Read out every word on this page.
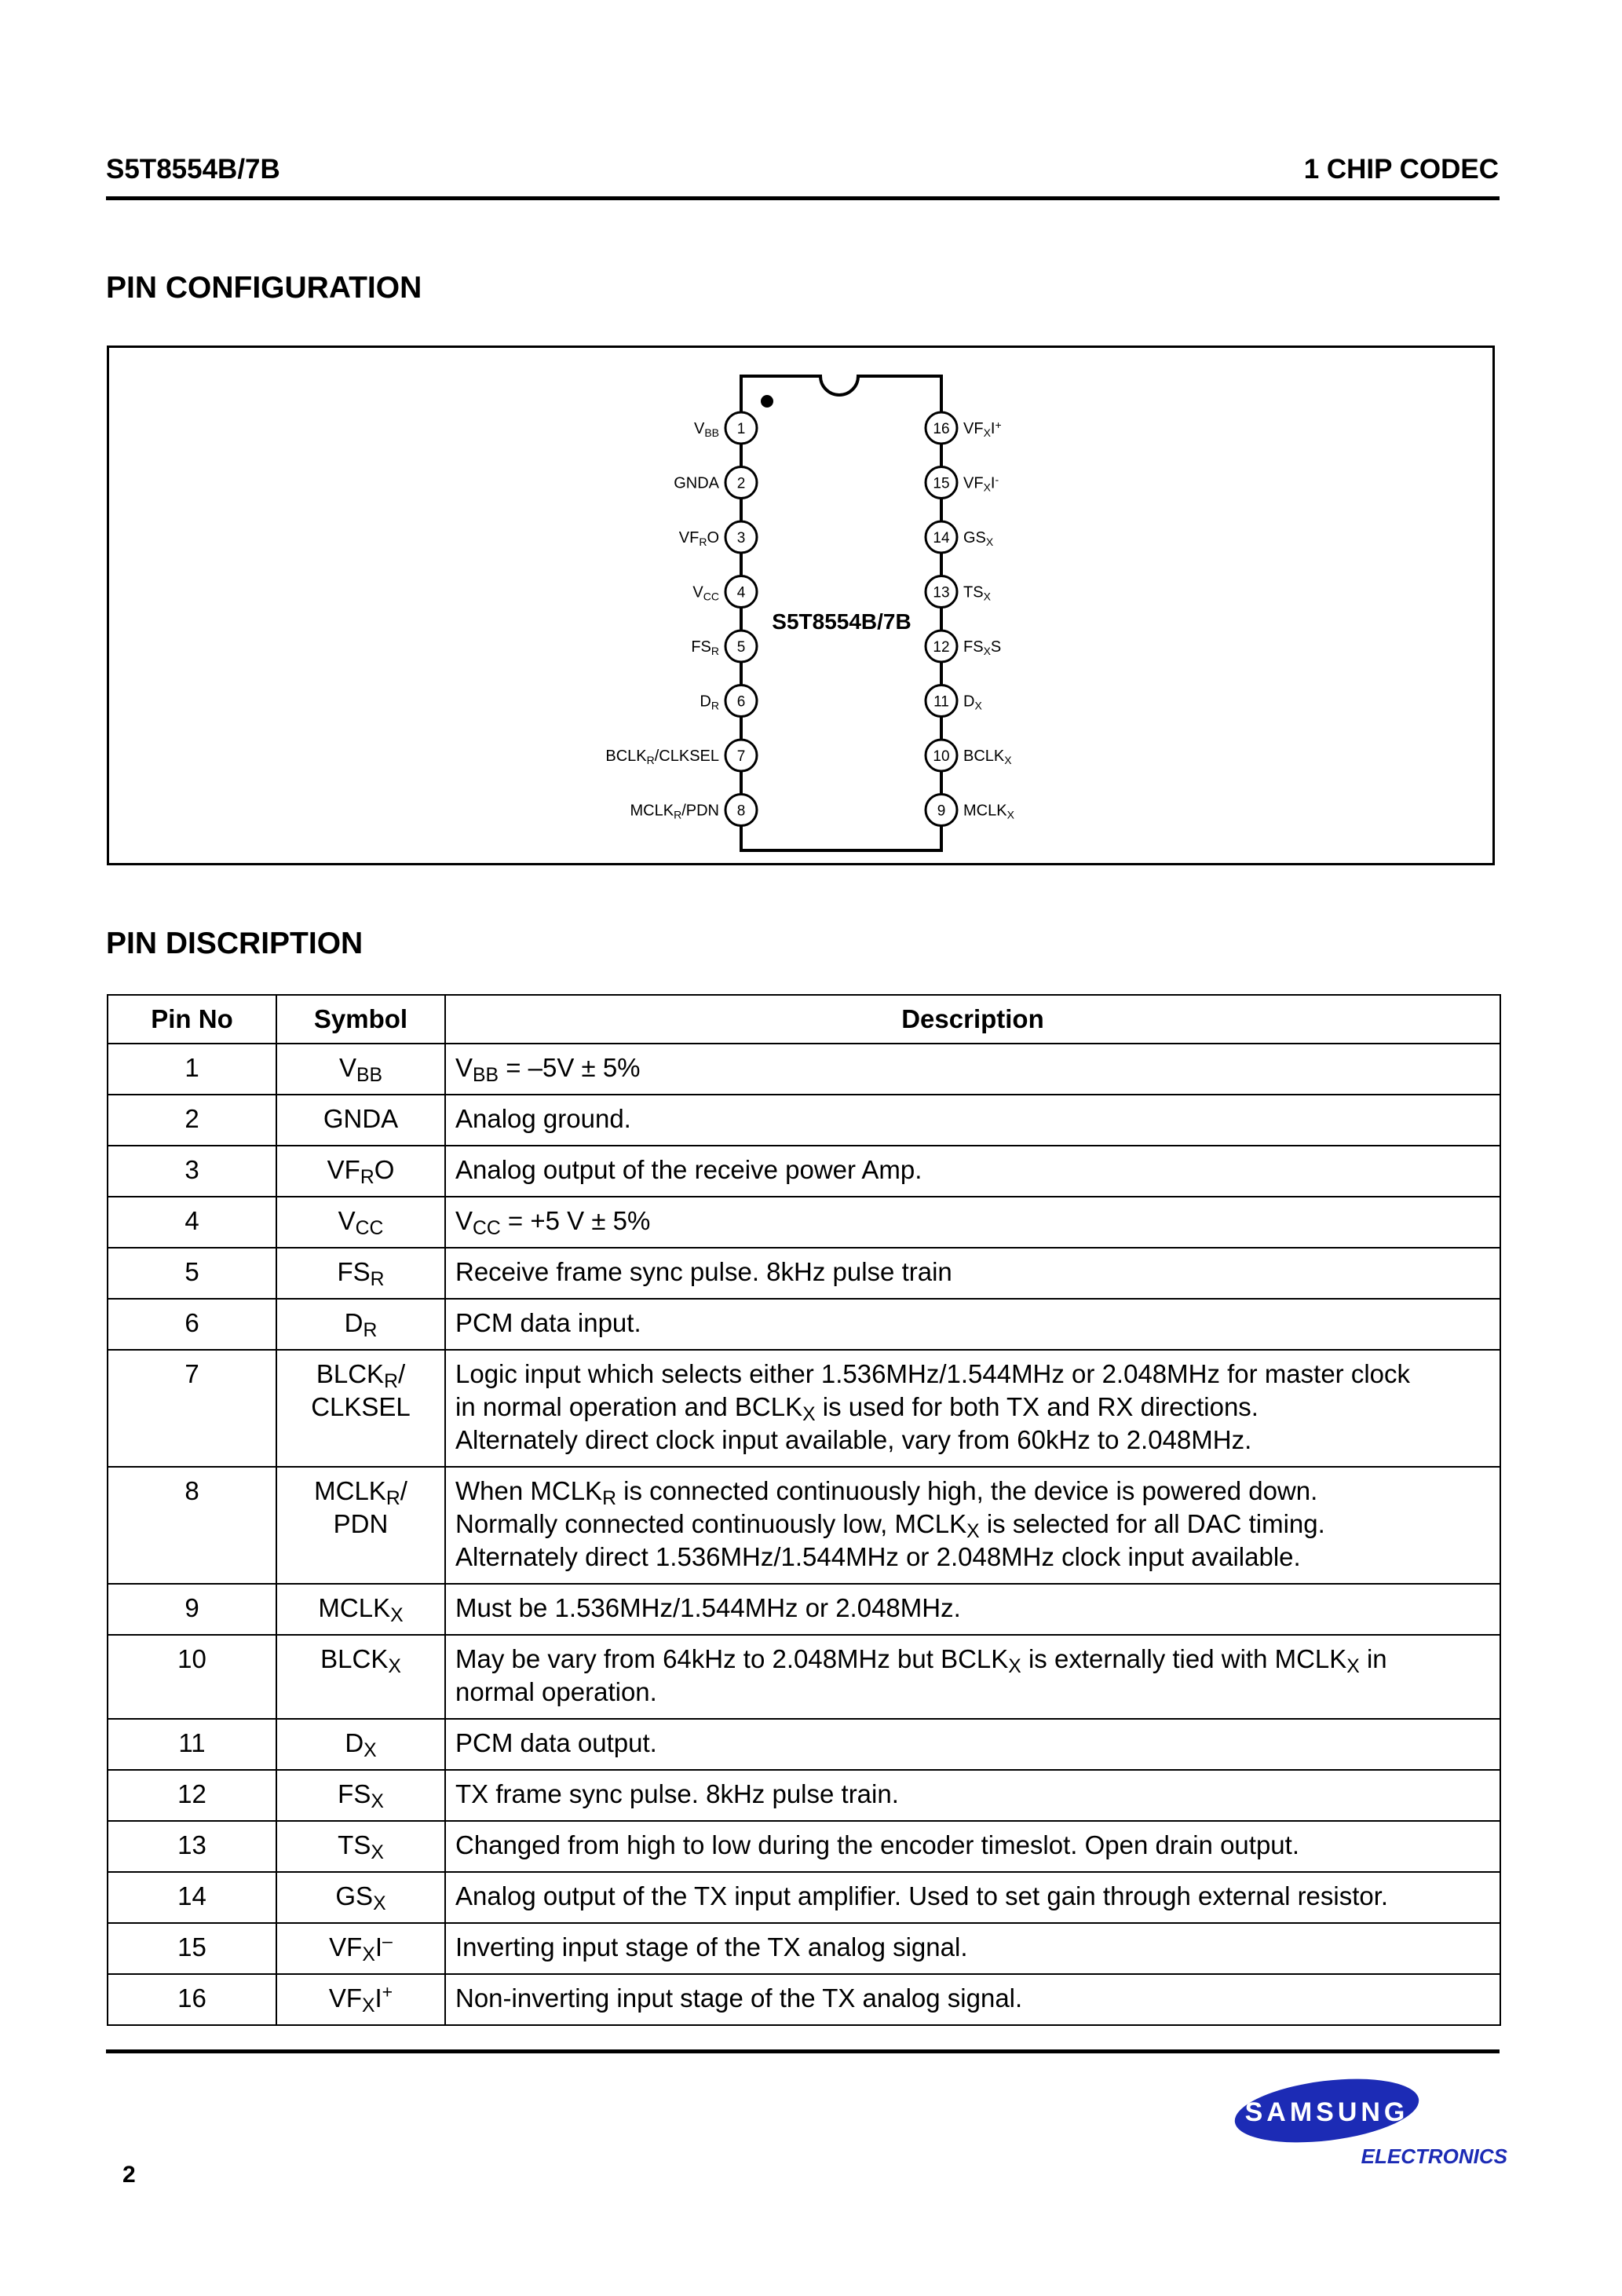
S5T8554B/7B	1 CHIP CODEC
PIN CONFIGURATION
S5T8554B/7B
1
VBB
2
GNDA
3
VFRO
4
VCC
5
FSR
6
DR
7
BCLKR/CLKSEL
8
MCLKR/PDN
16 VFXI+
15 VFXI-
14 GSX
13 TSX
12 FSXS
11 DX
10 BCLKX
9 MCLKX
PIN DISCRIPTION
Pin No	Symbol	Description
1	$V_{BB}$	$V_{BB} = -5V \pm 5\%$

2	GNDA	Analog ground.

3	$VF_RO$	Analog output of the receive power Amp.

4	$V_{CC}$	$V_{CC} = +5$ V ± 5%

5	$FS_R$	Receive frame sync pulse. 8kHz pulse train

6	$D_R$	PCM data input.

7	$BLCK_R/$
CLKSEL	Logic input which selects either 1.536MHz/1.544MHz or 2.048MHz for master clock
in normal operation and $BCLK_X$ is used for both TX and RX directions.
Alternately direct clock input available, vary from 60kHz to 2.048MHz.

8	$MCLK_R/$
PDN	When $MCLK_R$ is connected continuously high, the device is powered down.
Normally connected continuously low, $MCLK_X$ is selected for all DAC timing.
Alternately direct 1.536MHz/1.544MHz or 2.048MHz clock input available.

9	$MCLK_X$	Must be 1.536MHz/1.544MHz or 2.048MHz.

10	$BLCK_X$	May be vary from 64kHz to 2.048MHz but $BCLK_X$ is externally tied with $MCLK_X$ in
normal operation.

11	$D_X$	PCM data output.

12	$FS_X$	TX frame sync pulse. 8kHz pulse train.

13	$TS_X$	Changed from high to low during the encoder timeslot. Open drain output.

14	$GS_X$	Analog output of the TX input amplifier. Used to set gain through external resistor.

15	$VF_XI^-$	Inverting input stage of the TX analog signal.

16	$VF_XI^+$	Non-inverting input stage of the TX analog signal.
2
SAMSUNG
ELECTRONICS
